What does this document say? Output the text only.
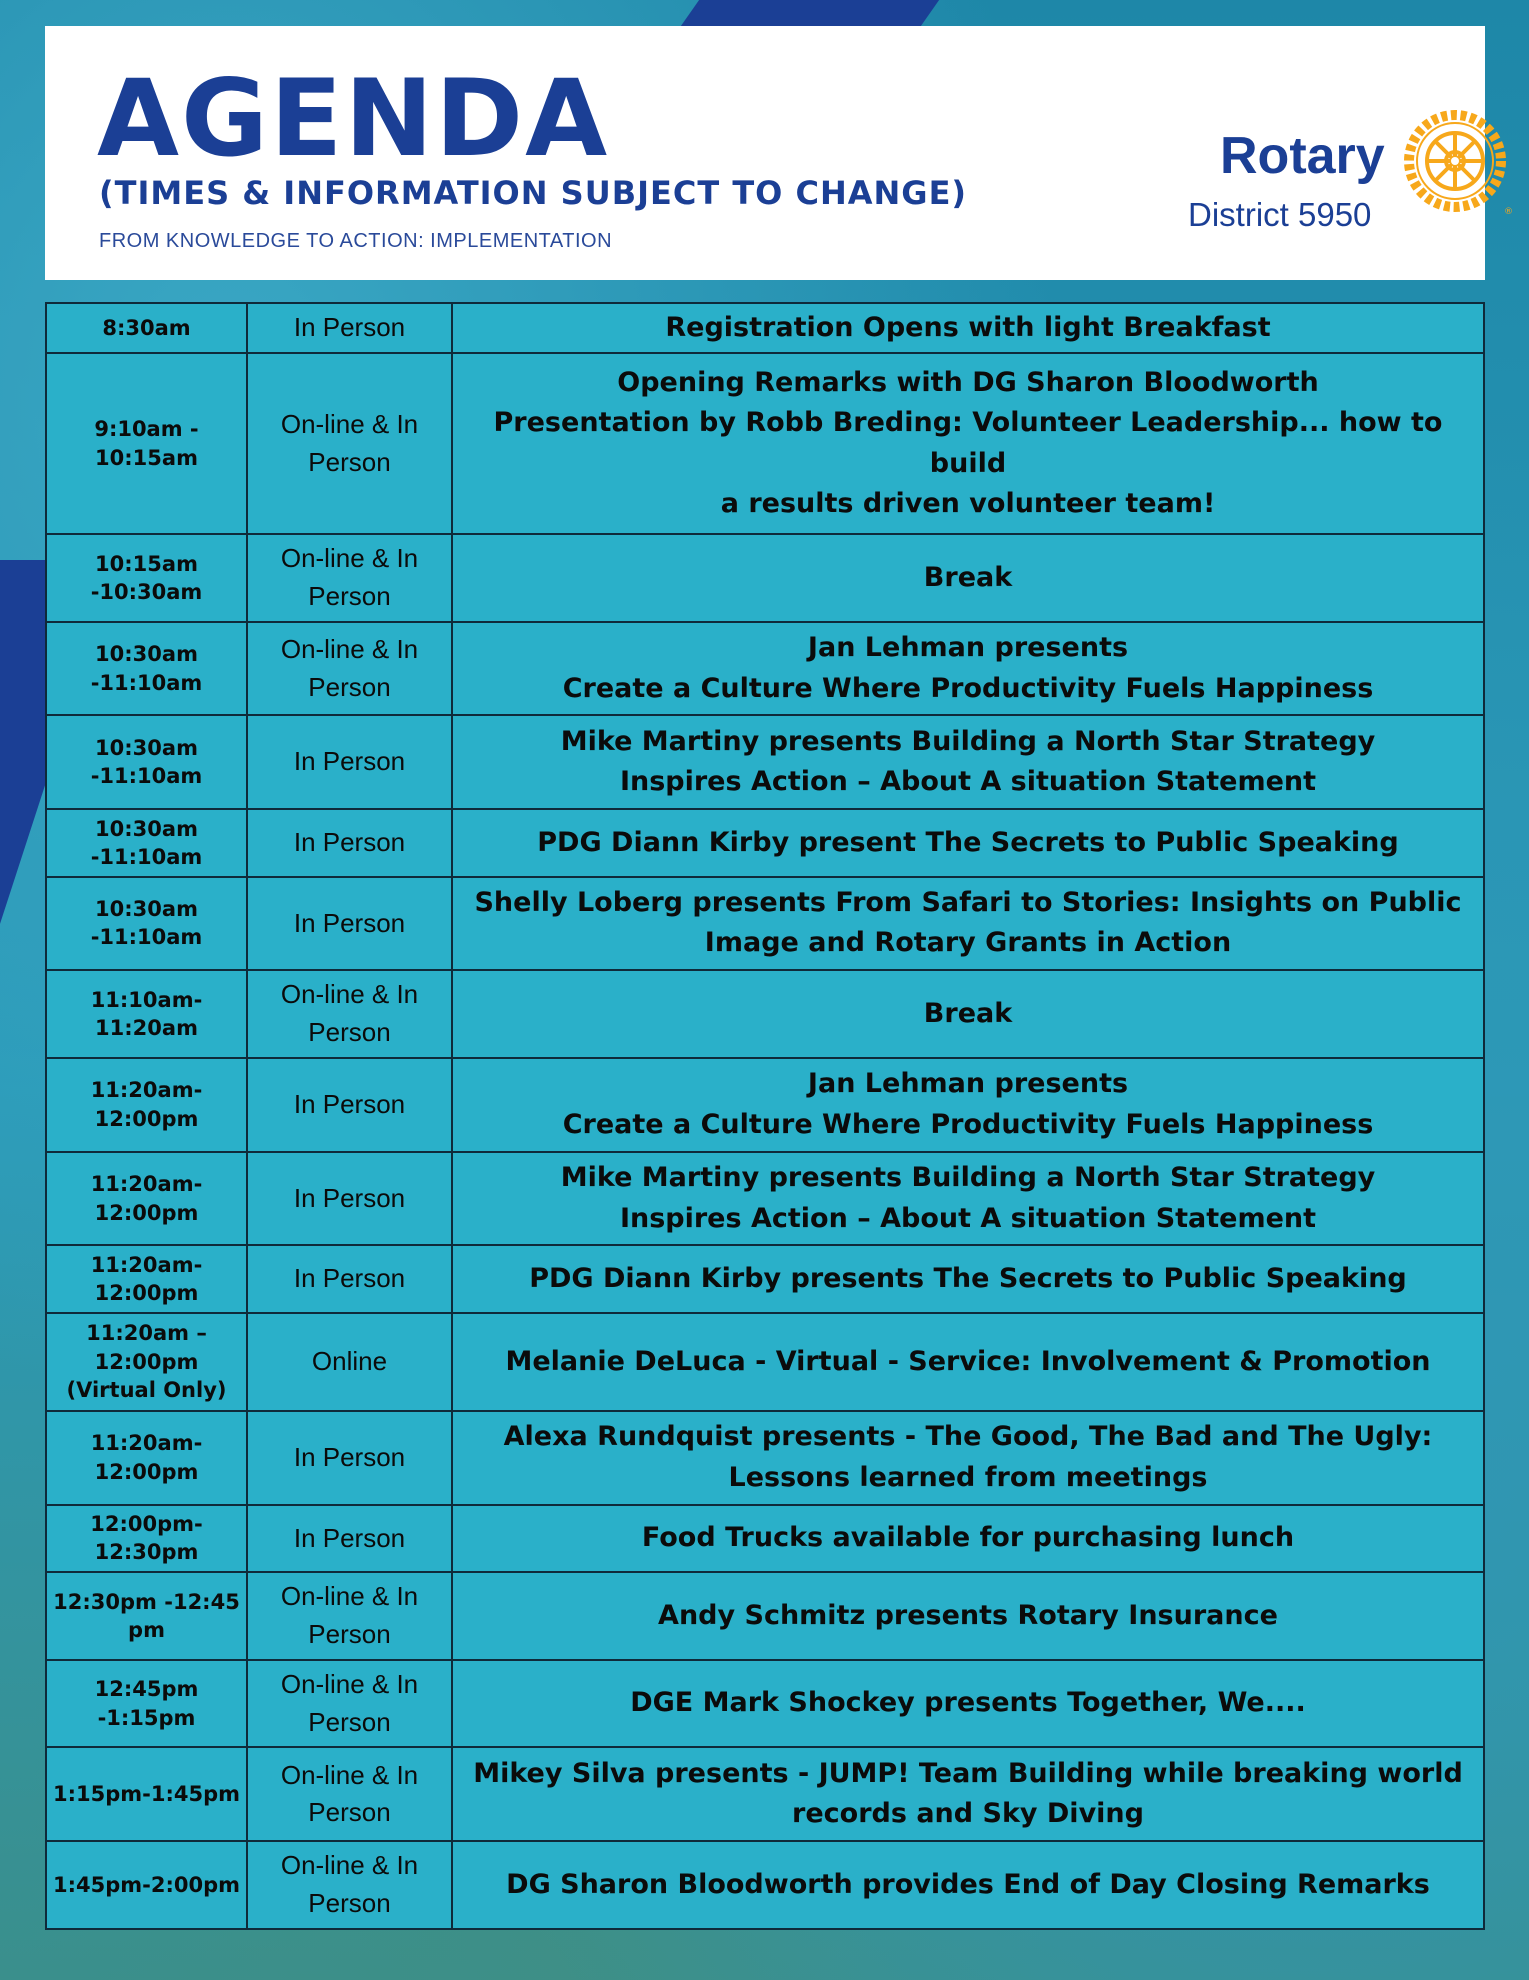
AGENDA

(TIMES & INFORMATION SUBJECT TO CHANGE)

FROM KNOWLEDGE TO ACTION: IMPLEMENTATION

Rotary

District 5950	®
8:30am	In Person	Registration Opens with light Breakfast
9:10am -
10:15am	On-line & In
Person	Opening Remarks with DG Sharon Bloodworth
Presentation by Robb Breding: Volunteer Leadership... how to build
a results driven volunteer team!
10:15am
-10:30am	On-line & In
Person	Break
10:30am
-11:10am	On-line & In
Person	Jan Lehman presents
Create a Culture Where Productivity Fuels Happiness
10:30am
-11:10am	In Person	Mike Martiny presents Building a North Star Strategy
Inspires Action – About A situation Statement
10:30am
-11:10am	In Person	PDG Diann Kirby present The Secrets to Public Speaking
10:30am
-11:10am	In Person	Shelly Loberg presents From Safari to Stories: Insights on Public
Image and Rotary Grants in Action
11:10am-11:20am	On-line & In
Person	Break
11:20am-
12:00pm	In Person	Jan Lehman presents
Create a Culture Where Productivity Fuels Happiness
11:20am-
12:00pm	In Person	Mike Martiny presents Building a North Star Strategy
Inspires Action – About A situation Statement
11:20am-
12:00pm	In Person	PDG Diann Kirby presents The Secrets to Public Speaking
11:20am –
12:00pm
(Virtual Only)	Online	Melanie DeLuca - Virtual - Service: Involvement & Promotion
11:20am-
12:00pm	In Person	Alexa Rundquist presents - The Good, The Bad and The Ugly:
Lessons learned from meetings
12:00pm-
12:30pm	In Person	Food Trucks available for purchasing lunch
12:30pm -12:45
pm	On-line & In
Person	Andy Schmitz presents Rotary Insurance
12:45pm -1:15pm	On-line & In
Person	DGE Mark Shockey presents Together, We....
1:15pm-1:45pm	On-line & In
Person	Mikey Silva presents - JUMP! Team Building while breaking world
records and Sky Diving
1:45pm-2:00pm	On-line & In
Person	DG Sharon Bloodworth provides End of Day Closing Remarks
